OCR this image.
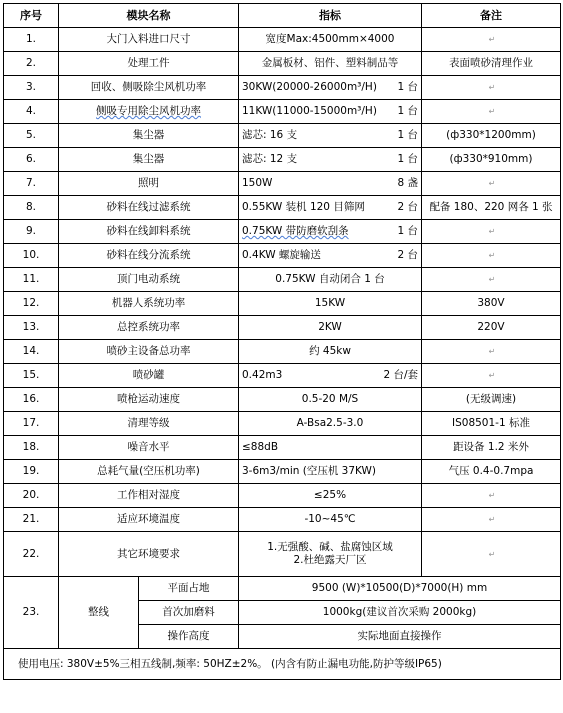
序号	模块名称		指标	备注
1.	大门入料进口尺寸		宽度Max:4500mm×4000	↵
2.	处理工件		金属板材、铝件、塑料制品等	表面喷砂清理作业
3.	回收、侧吸除尘风机功率		30KW(20000-26000m³/H) 1 台	↵
4.	侧吸专用除尘风机功率		11KW(11000-15000m³/H) 1 台	↵
5.	集尘器		滤芯: 16 支 1 台	(ф330*1200mm)
6.	集尘器		滤芯: 12 支 1 台	(ф330*910mm)
7.	照明		150W 8 盏	↵
8.	砂料在线过滤系统		0.55KW 装机 120 目筛网 2 台	配备 180、220 网各 1 张
9.	砂料在线卸料系统		0.75KW 带防磨软刮条 1 台	↵
10.	砂料在线分流系统		0.4KW 螺旋输送 2 台	↵
11.	顶门电动系统		0.75KW 自动闭合 1 台	↵
12.	机器人系统功率		15KW	380V
13.	总控系统功率		2KW	220V
14.	喷砂主设备总功率		约 45kw	↵
15.	喷砂罐		0.42m3 2 台/套	↵
16.	喷枪运动速度		0.5-20 M/S	(无级调速)
17.	清理等级		A-Bsa2.5-3.0	IS08501-1 标准
18.	噪音水平		≤88dB	距设备 1.2 米外
19.	总耗气量(空压机功率)		3-6m3/min (空压机 37KW)	气压 0.4-0.7mpa
20.	工作相对湿度		≤25%	↵
21.	适应环境温度		-10~45℃	↵
22.	其它环境要求		1.无强酸、碱、盐腐蚀区域
2.杜绝露天厂区	↵
23.	整线	平面占地	9500 (W)*10500(D)*7000(H) mm	
		首次加磨料	1000kg(建议首次采购 2000kg)	
		操作高度	实际地面直接操作	
使用电压: 380V±5%三相五线制,频率: 50HZ±2%。 (内含有防止漏电功能,防护等级IP65)				
